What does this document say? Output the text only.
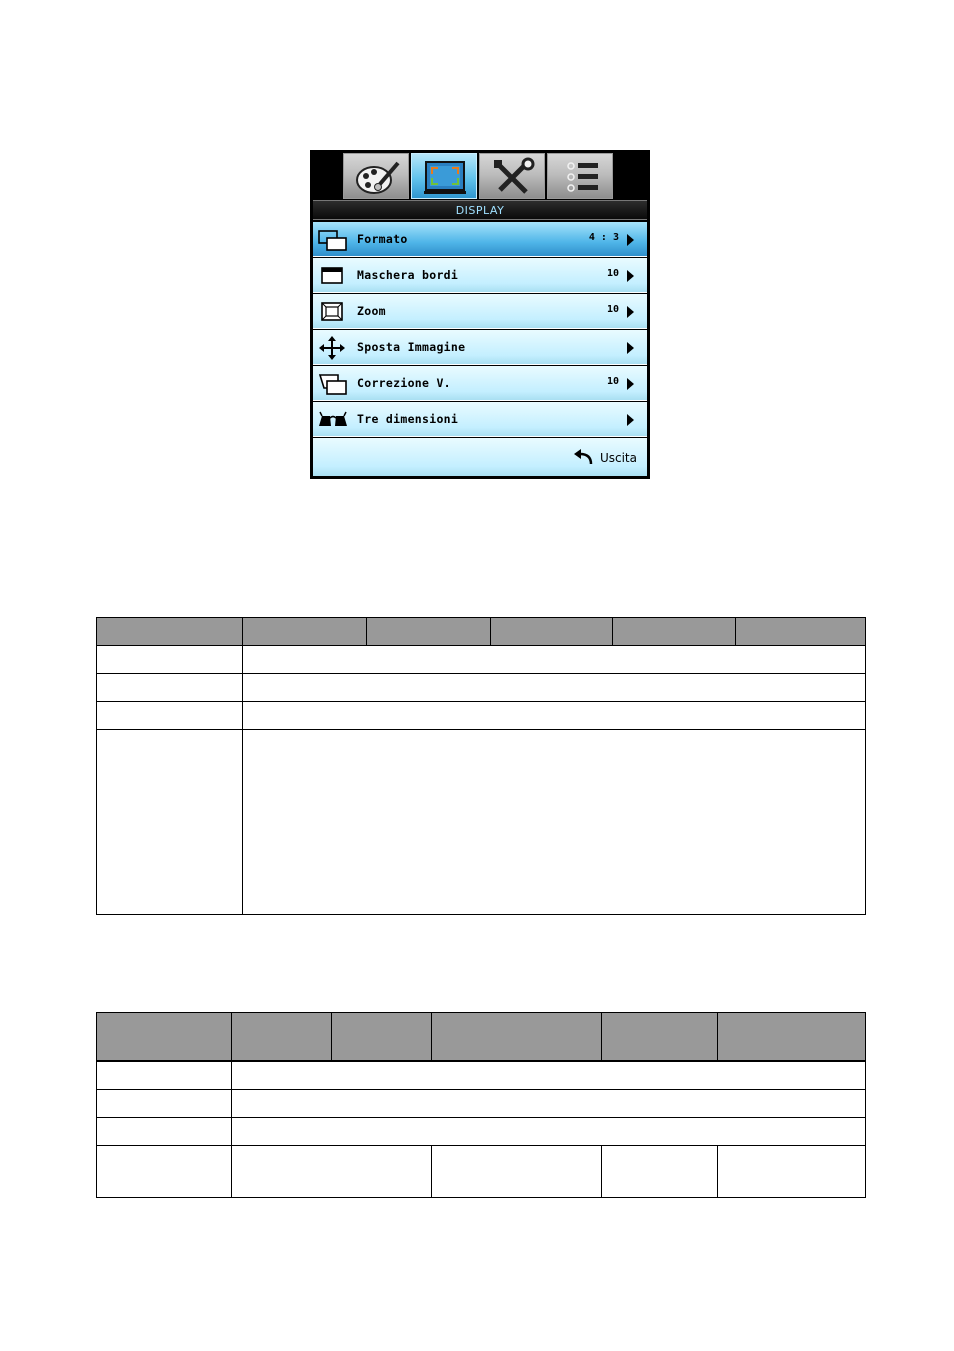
DISPLAY
Formato	4 : 3
Maschera bordi	10
Zoom	10
Sposta Immagine
Correzione V.	10
Tre dimensioni
Uscita
